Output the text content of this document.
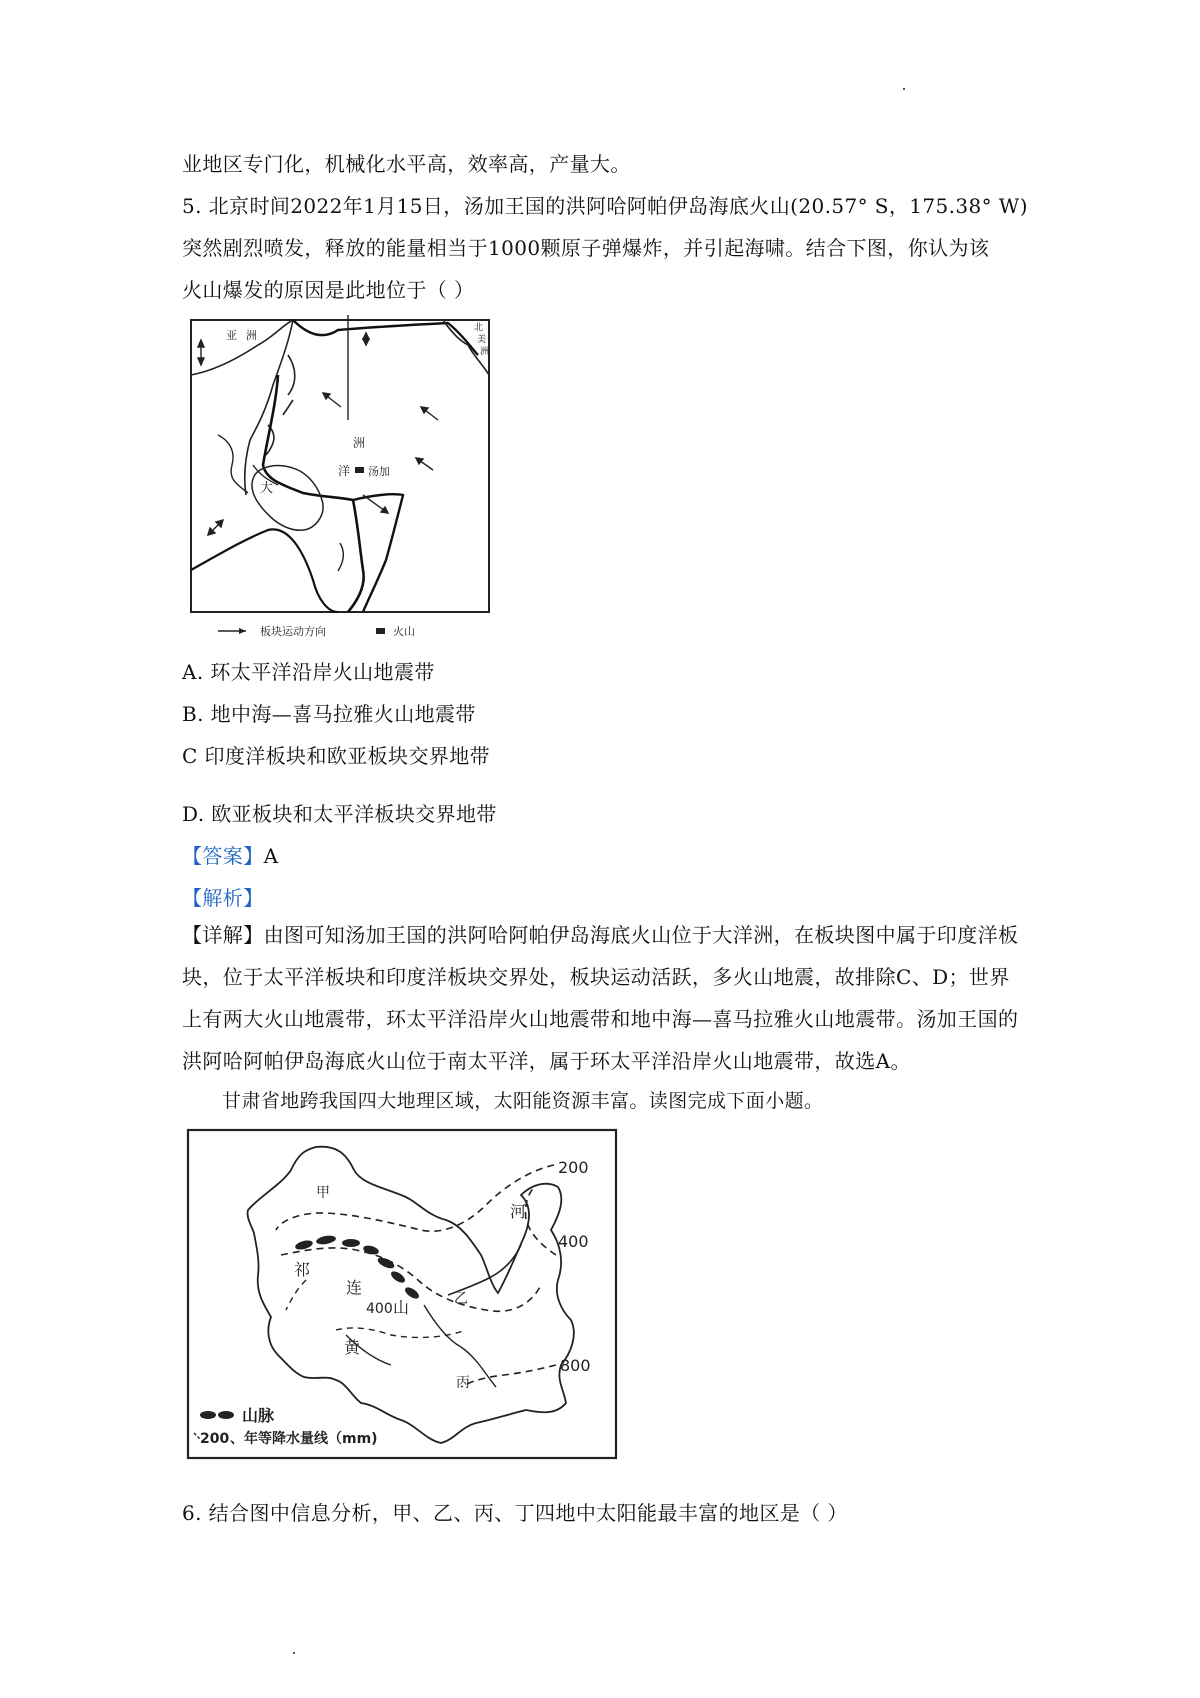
业地区专门化，机械化水平高，效率高，产量大。
5. 北京时间2022年1月15日，汤加王国的洪阿哈阿帕伊岛海底火山(20.57° S，175.38° W)
突然剧烈喷发，释放的能量相当于1000颗原子弹爆炸，并引起海啸。结合下图，你认为该
火山爆发的原因是此地位于（ ）
亚 洲
北
美
洲
大
洋
洲
汤加
板块运动方向	火山
A. 环太平洋沿岸火山地震带
B. 地中海—喜马拉雅火山地震带
C 印度洋板块和欧亚板块交界地带
D. 欧亚板块和太平洋板块交界地带
【答案】A
【解析】
【详解】由图可知汤加王国的洪阿哈阿帕伊岛海底火山位于大洋洲，在板块图中属于印度洋板块，位于太平洋板块和印度洋板块交界处，板块运动活跃，多火山地震，故排除C、D；世界上有两大火山地震带，环太平洋沿岸火山地震带和地中海—喜马拉雅火山地震带。汤加王国的洪阿哈阿帕伊岛海底火山位于南太平洋，属于环太平洋沿岸火山地震带，故选A。
甘肃省地跨我国四大地理区域，太阳能资源丰富。读图完成下面小题。
200
400
800
400
甲
乙
丙
祁
连
山
河
黄
山脉
200 、年等降水量线（mm)
6. 结合图中信息分析，甲、乙、丙、丁四地中太阳能最丰富的地区是（ ）
